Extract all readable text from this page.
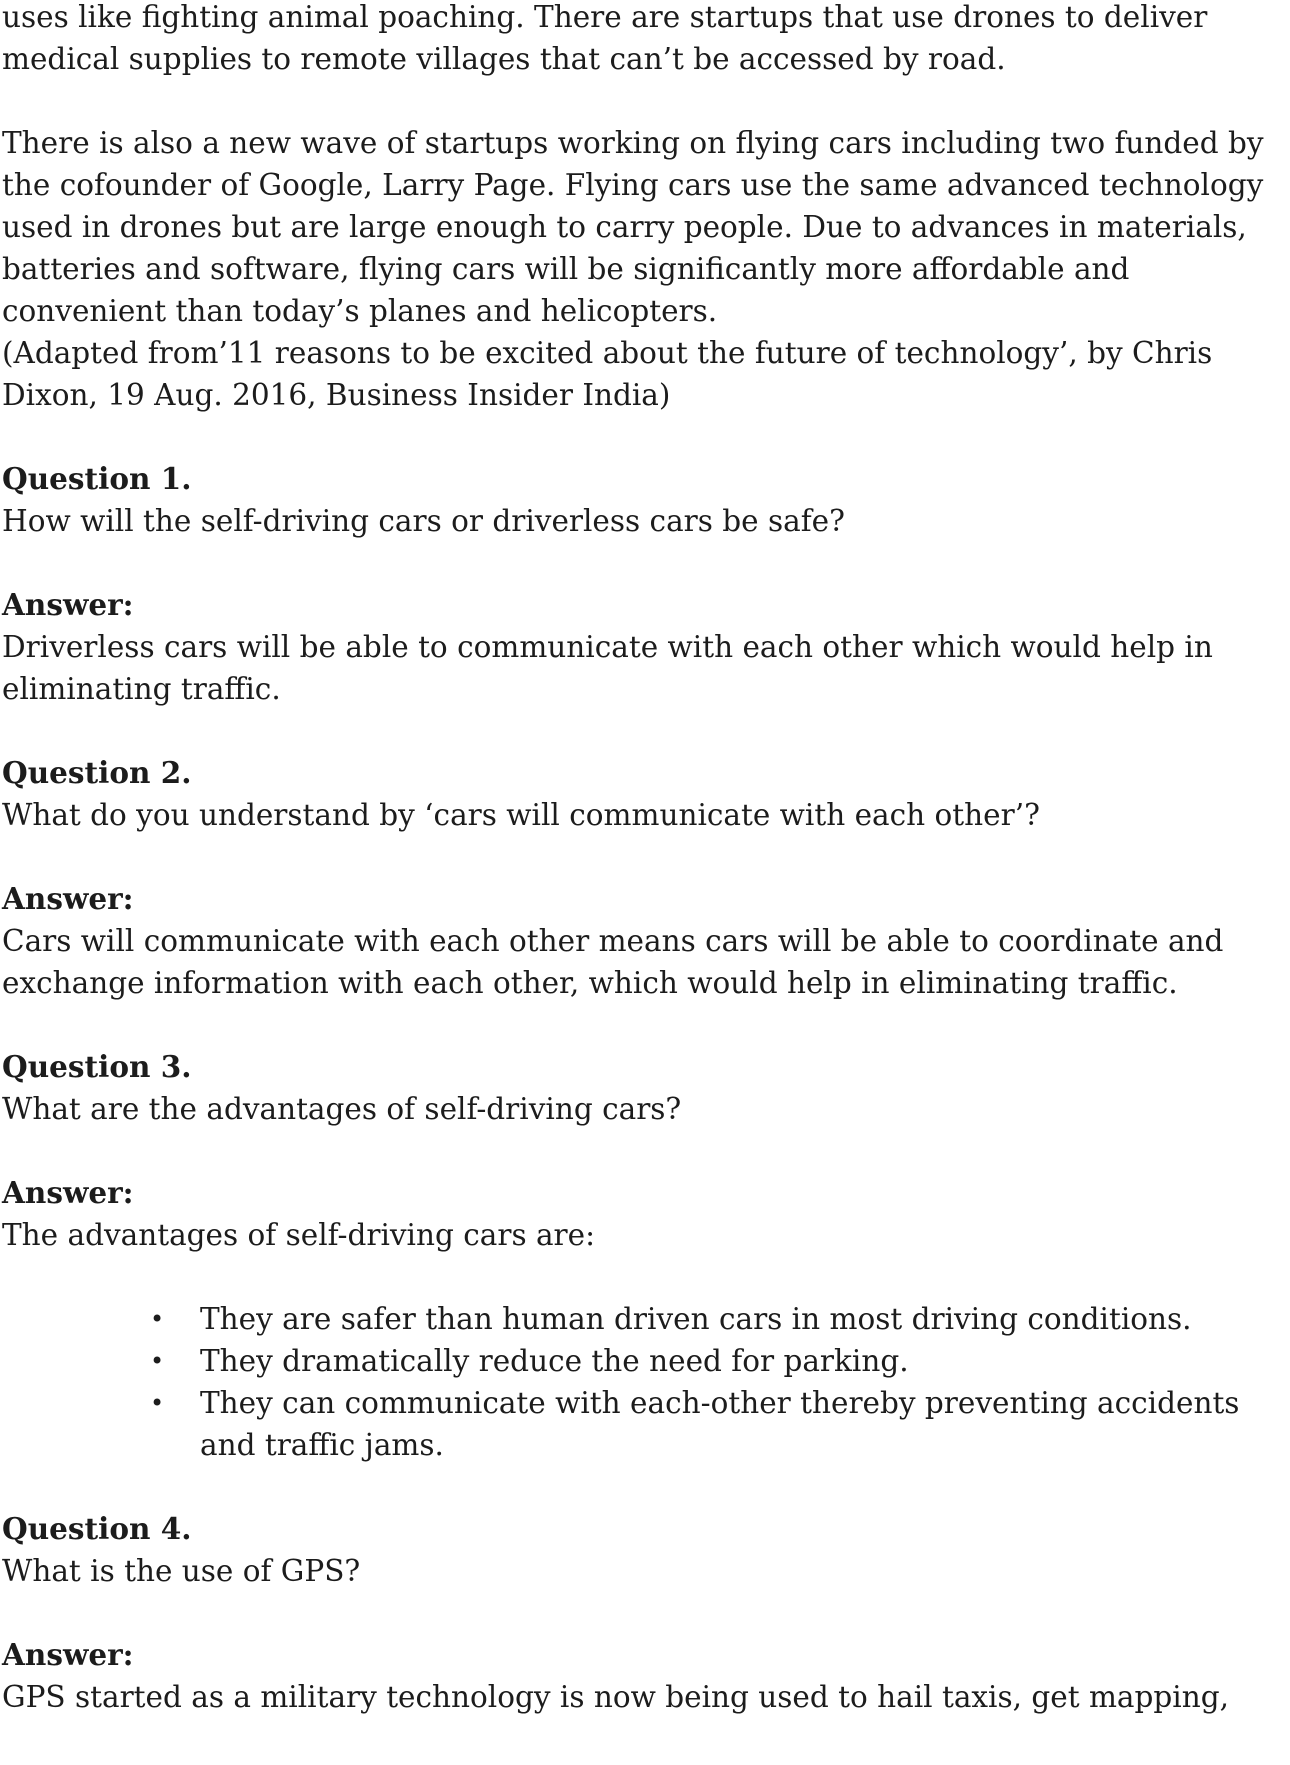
uses like fighting animal poaching. There are startups that use drones to deliver medical supplies to remote villages that can’t be accessed by road.

There is also a new wave of startups working on flying cars including two funded by the cofounder of Google, Larry Page. Flying cars use the same advanced technology used in drones but are large enough to carry people. Due to advances in materials, batteries and software, flying cars will be significantly more affordable and convenient than today’s planes and helicopters.

(Adapted from’11 reasons to be excited about the future of technology’, by Chris Dixon, 19 Aug. 2016, Business Insider India)

Question 1.

How will the self-driving cars or driverless cars be safe?

Answer:

Driverless cars will be able to communicate with each other which would help in eliminating traffic.

Question 2.

What do you understand by ‘cars will communicate with each other’?

Answer:

Cars will communicate with each other means cars will be able to coordinate and exchange information with each other, which would help in eliminating traffic.

Question 3.

What are the advantages of self-driving cars?

Answer:

The advantages of self-driving cars are:

• They are safer than human driven cars in most driving conditions.
• They dramatically reduce the need for parking.
• They can communicate with each-other thereby preventing accidents and traffic jams.

Question 4.

What is the use of GPS?

Answer:

GPS started as a military technology is now being used to hail taxis, get mapping,
